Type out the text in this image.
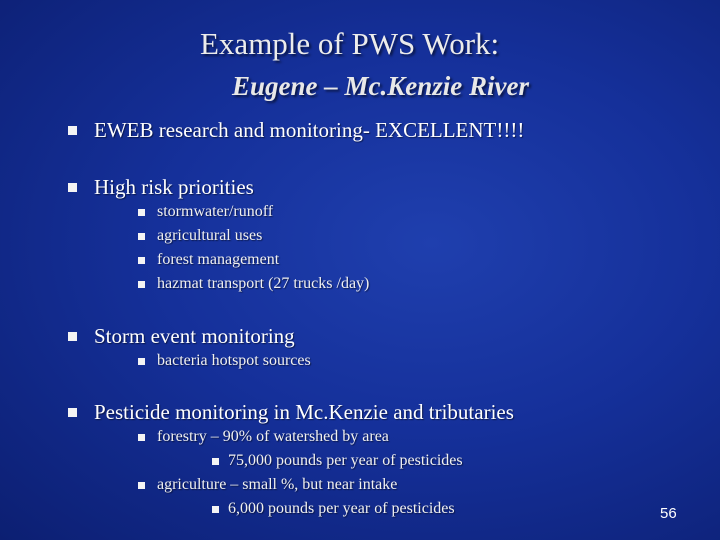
Example of PWS Work:
Eugene – Mc.Kenzie River
EWEB research and monitoring- EXCELLENT!!!!
High risk priorities
stormwater/runoff
agricultural uses
forest management
hazmat transport (27 trucks /day)
Storm event monitoring
bacteria hotspot sources
Pesticide monitoring in Mc.Kenzie and tributaries
forestry – 90% of watershed by area
75,000 pounds per year of pesticides
agriculture – small %, but near intake
6,000 pounds per year of pesticides	56
